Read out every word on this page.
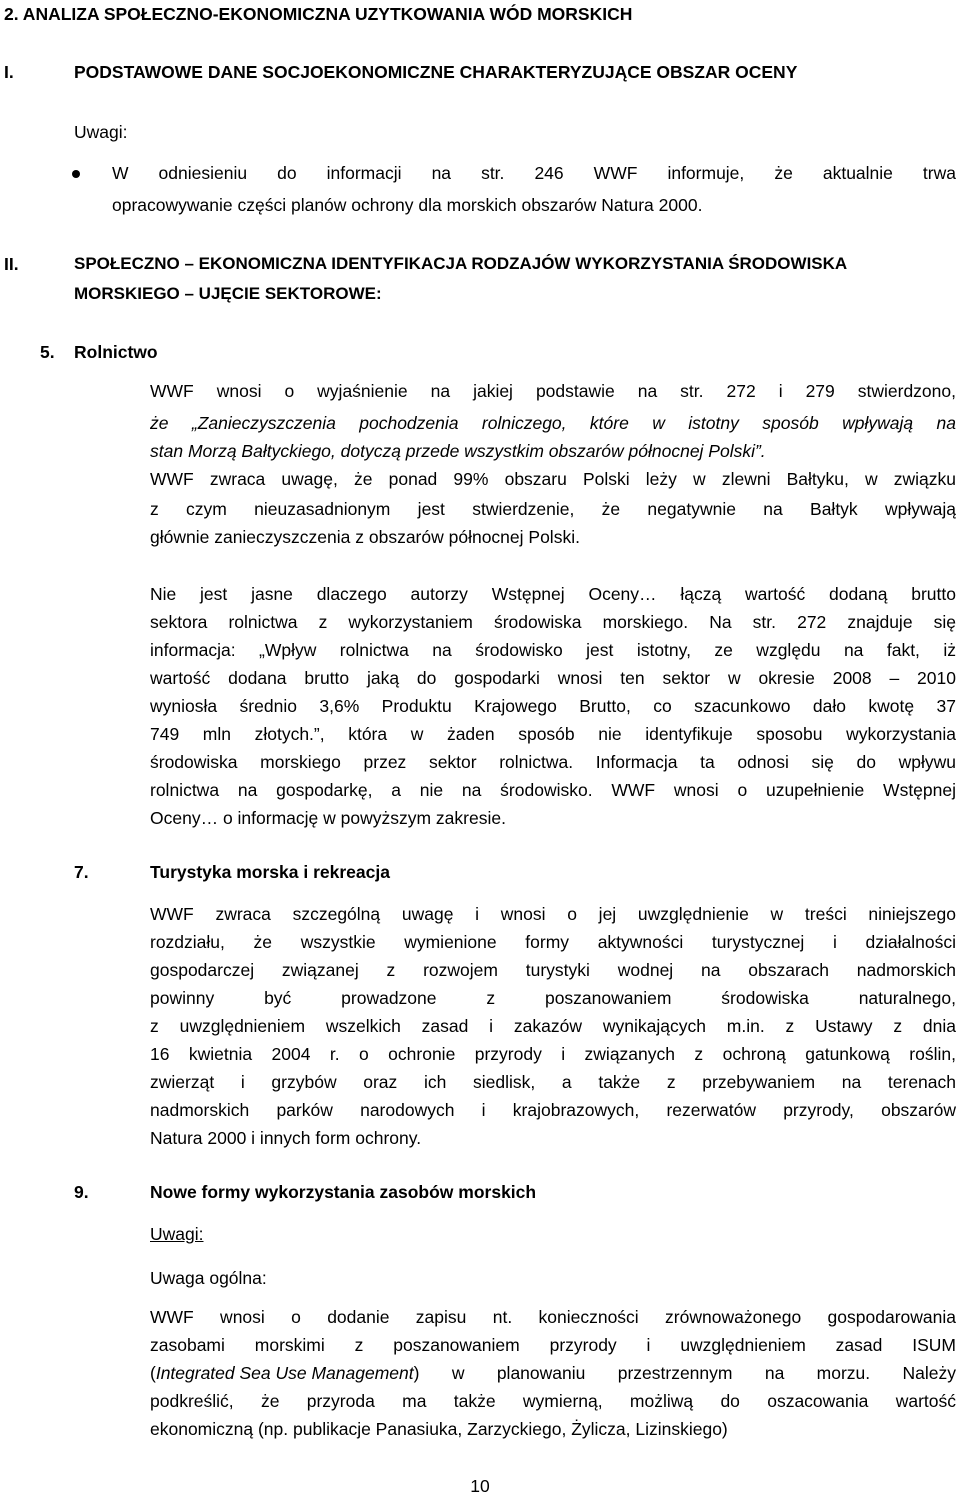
2. ANALIZA SPOŁECZNO-EKONOMICZNA UZYTKOWANIA WÓD MORSKICH
I.	PODSTAWOWE DANE SOCJOEKONOMICZNE CHARAKTERYZUJĄCE OBSZAR OCENY
Uwagi:
W odniesieniu do informacji na str. 246 WWF informuje, że aktualnie trwa
opracowywanie części planów ochrony dla morskich obszarów Natura 2000.
II.	SPOŁECZNO – EKONOMICZNA IDENTYFIKACJA RODZAJÓW WYKORZYSTANIA ŚRODOWISKA
MORSKIEGO – UJĘCIE SEKTOROWE:
5. Rolnictwo
WWF wnosi o wyjaśnienie na jakiej podstawie na str. 272 i 279 stwierdzono,
że „Zanieczyszczenia pochodzenia rolniczego, które w istotny sposób wpływają na
stan Morzą Bałtyckiego, dotyczą przede wszystkim obszarów północnej Polski”.
WWF zwraca uwagę, że ponad 99% obszaru Polski leży w zlewni Bałtyku, w związku
z czym nieuzasadnionym jest stwierdzenie, że negatywnie na Bałtyk wpływają
głównie zanieczyszczenia z obszarów północnej Polski.
Nie jest jasne dlaczego autorzy Wstępnej Oceny… łączą wartość dodaną brutto
sektora rolnictwa z wykorzystaniem środowiska morskiego. Na str. 272 znajduje się
informacja: „Wpływ rolnictwa na środowisko jest istotny, ze względu na fakt, iż
wartość dodana brutto jaką do gospodarki wnosi ten sektor w okresie 2008 – 2010
wyniosła średnio 3,6% Produktu Krajowego Brutto, co szacunkowo dało kwotę 37
749 mln złotych.”, która w żaden sposób nie identyfikuje sposobu wykorzystania
środowiska morskiego przez sektor rolnictwa. Informacja ta odnosi się do wpływu
rolnictwa na gospodarkę, a nie na środowisko. WWF wnosi o uzupełnienie Wstępnej
Oceny… o informację w powyższym zakresie.
7.	Turystyka morska i rekreacja
WWF zwraca szczególną uwagę i wnosi o jej uwzględnienie w treści niniejszego
rozdziału, że wszystkie wymienione formy aktywności turystycznej i działalności
gospodarczej związanej z rozwojem turystyki wodnej na obszarach nadmorskich
powinny być prowadzone z poszanowaniem środowiska naturalnego,
z uwzględnieniem wszelkich zasad i zakazów wynikających m.in. z Ustawy z dnia
16 kwietnia 2004 r. o ochronie przyrody i związanych z ochroną gatunkową roślin,
zwierząt i grzybów oraz ich siedlisk, a także z przebywaniem na terenach
nadmorskich parków narodowych i krajobrazowych, rezerwatów przyrody, obszarów
Natura 2000 i innych form ochrony.
9.	Nowe formy wykorzystania zasobów morskich
Uwagi:
Uwaga ogólna:
WWF wnosi o dodanie zapisu nt. konieczności zrównoważonego gospodarowania
zasobami morskimi z poszanowaniem przyrody i uwzględnieniem zasad ISUM
( Integrated Sea Use Management ) w planowaniu przestrzennym na morzu. Należy
podkreślić, że przyroda ma także wymierną, możliwą do oszacowania wartość
ekonomiczną (np. publikacje Panasiuka, Zarzyckiego, Żylicza, Lizinskiego)
10
